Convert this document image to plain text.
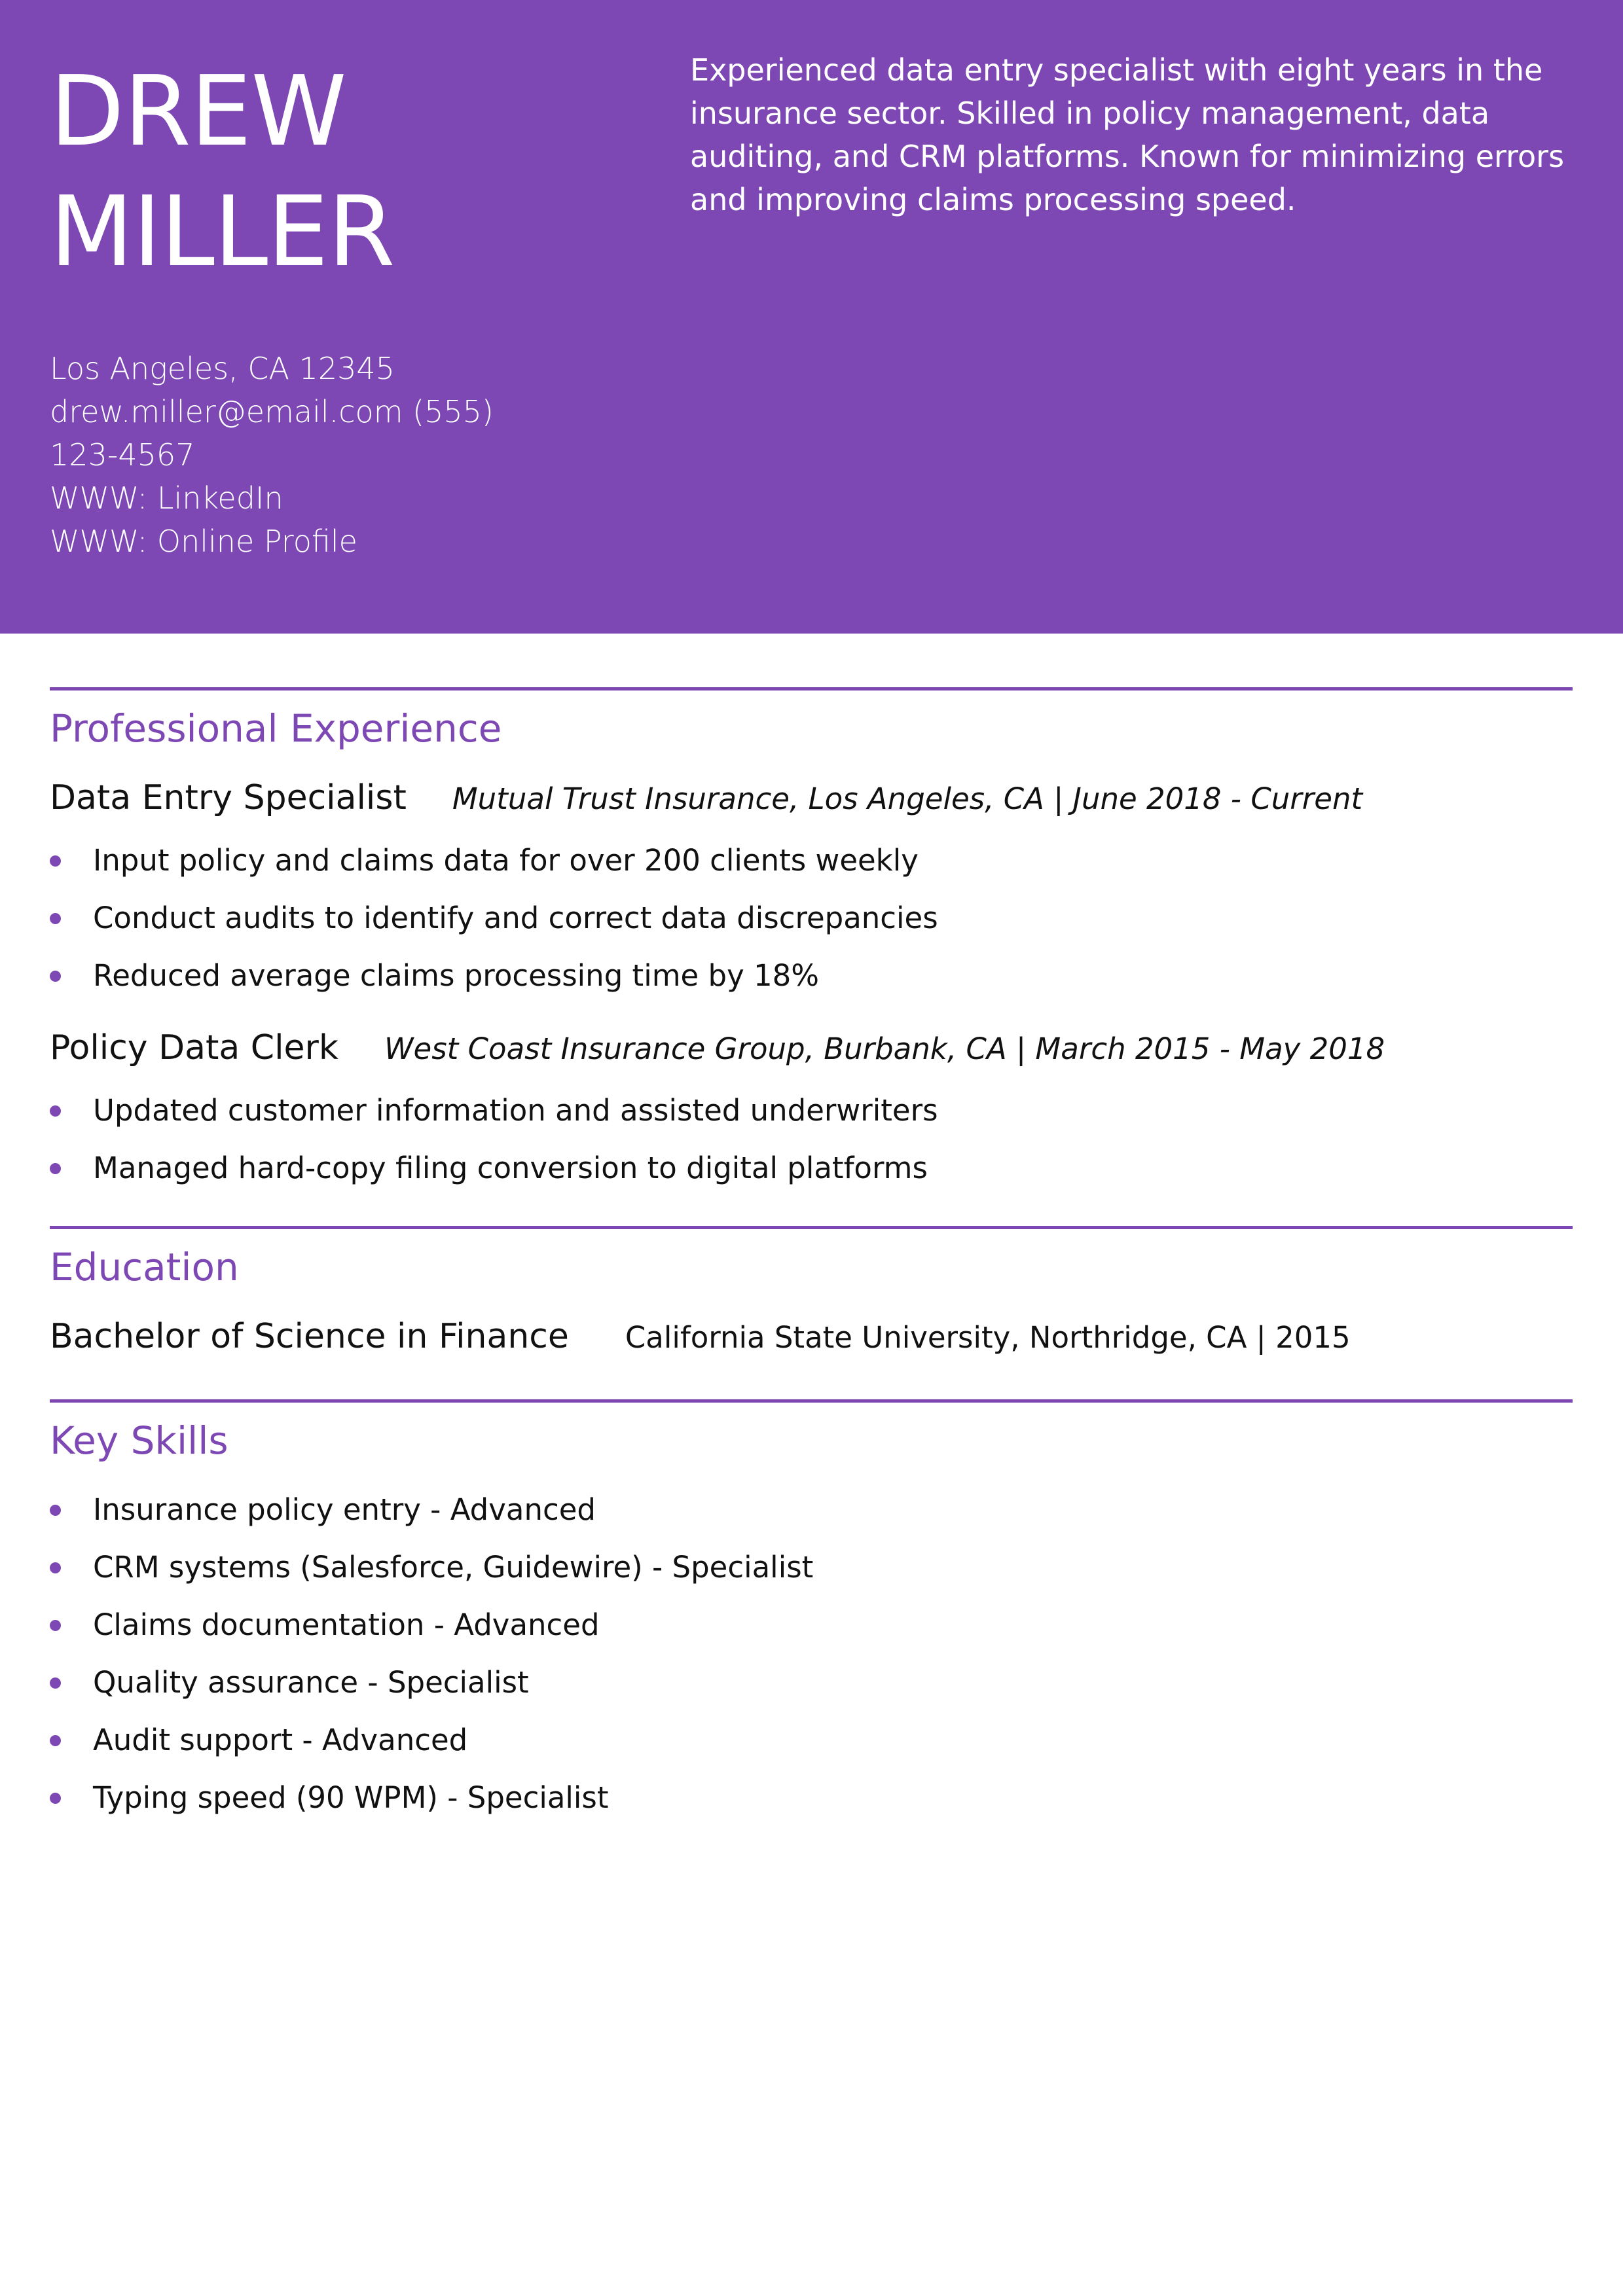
DREW
MILLER

Experienced data entry specialist with eight years in the insurance sector. Skilled in policy management, data auditing, and CRM platforms. Known for minimizing errors and improving claims processing speed.

Los Angeles, CA 12345
drew.miller@email.com (555)
123-4567
WWW: LinkedIn
WWW: Online Profile
Professional Experience
Data Entry Specialist Mutual Trust Insurance, Los Angeles, CA | June 2018 - Current
Input policy and claims data for over 200 clients weekly
Conduct audits to identify and correct data discrepancies
Reduced average claims processing time by 18%
Policy Data Clerk West Coast Insurance Group, Burbank, CA | March 2015 - May 2018
Updated customer information and assisted underwriters
Managed hard-copy filing conversion to digital platforms
Education
Bachelor of Science in Finance California State University, Northridge, CA | 2015
Key Skills
Insurance policy entry - Advanced
CRM systems (Salesforce, Guidewire) - Specialist
Claims documentation - Advanced
Quality assurance - Specialist
Audit support - Advanced
Typing speed (90 WPM) - Specialist
